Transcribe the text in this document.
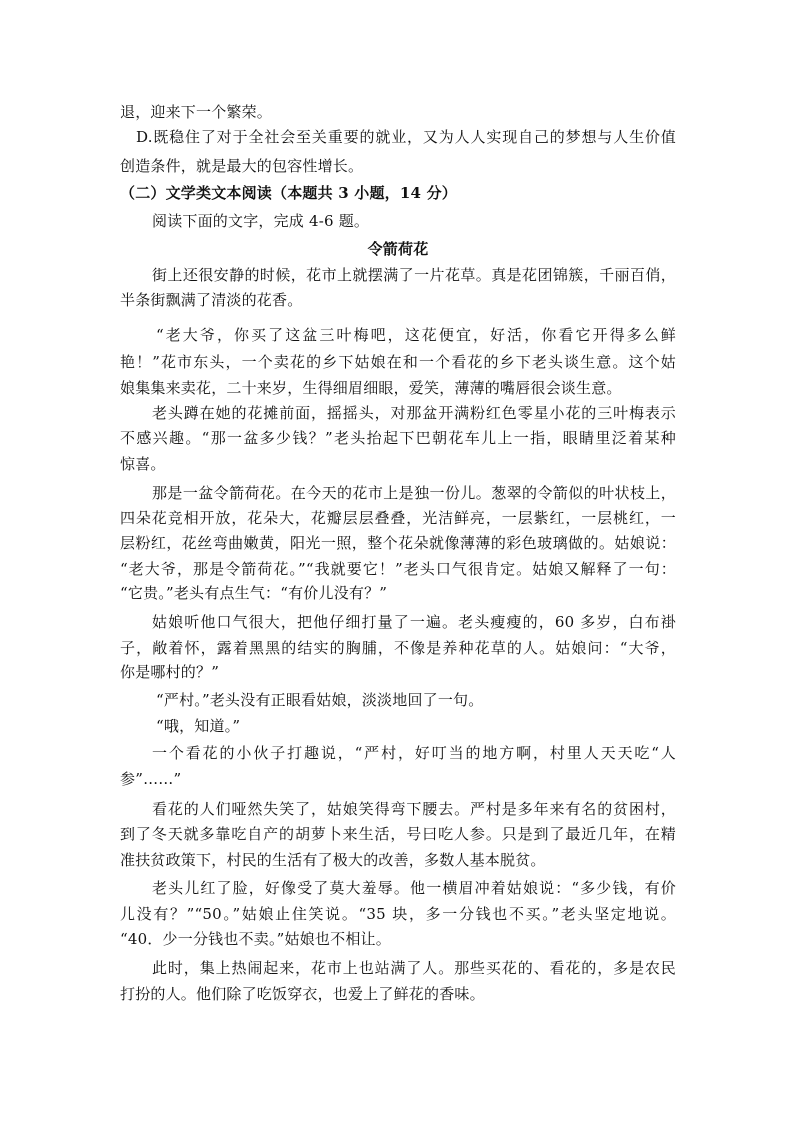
退，迎来下一个繁荣。
D.既稳住了对于全社会至关重要的就业，又为人人实现自己的梦想与人生价值
创造条件，就是最大的包容性增长。
（二）文学类文本阅读（本题共 3 小题，14 分）
阅读下面的文字，完成 4-6 题。
令箭荷花
街上还很安静的时候，花市上就摆满了一片花草。真是花团锦簇，千丽百俏，
半条街飘满了清淡的花香。
“老大爷，你买了这盆三叶梅吧，这花便宜，好活，你看它开得多么鲜
艳！”花市东头，一个卖花的乡下姑娘在和一个看花的乡下老头谈生意。这个姑
娘集集来卖花，二十来岁，生得细眉细眼，爱笑，薄薄的嘴唇很会谈生意。
老头蹲在她的花摊前面，摇摇头，对那盆开满粉红色零星小花的三叶梅表示
不感兴趣。“那一盆多少钱？”老头抬起下巴朝花车儿上一指，眼睛里泛着某种
惊喜。
那是一盆令箭荷花。在今天的花市上是独一份儿。葱翠的令箭似的叶状枝上，
四朵花竞相开放，花朵大，花瓣层层叠叠，光洁鲜亮，一层紫红，一层桃红，一
层粉红，花丝弯曲嫩黄，阳光一照，整个花朵就像薄薄的彩色玻璃做的。姑娘说：
“老大爷，那是令箭荷花。”“我就要它！”老头口气很肯定。姑娘又解释了一句：
“它贵。”老头有点生气：“有价儿没有？”
姑娘听他口气很大，把他仔细打量了一遍。老头瘦瘦的，60 多岁，白布褂
子，敞着怀，露着黑黑的结实的胸脯，不像是养种花草的人。姑娘问：“大爷，
你是哪村的？”
“严村。”老头没有正眼看姑娘，淡淡地回了一句。
“哦，知道。”
一个看花的小伙子打趣说，“严村，好叮当的地方啊，村里人天天吃“人
参”……”
看花的人们哑然失笑了，姑娘笑得弯下腰去。严村是多年来有名的贫困村，
到了冬天就多靠吃自产的胡萝卜来生活，号曰吃人参。只是到了最近几年，在精
准扶贫政策下，村民的生活有了极大的改善，多数人基本脱贫。
老头儿红了脸，好像受了莫大羞辱。他一横眉冲着姑娘说：“多少钱，有价
儿没有？”“50。”姑娘止住笑说。“35 块，多一分钱也不买。”老头坚定地说。
“40．少一分钱也不卖。”姑娘也不相让。
此时，集上热闹起来，花市上也站满了人。那些买花的、看花的，多是农民
打扮的人。他们除了吃饭穿衣，也爱上了鲜花的香味。
